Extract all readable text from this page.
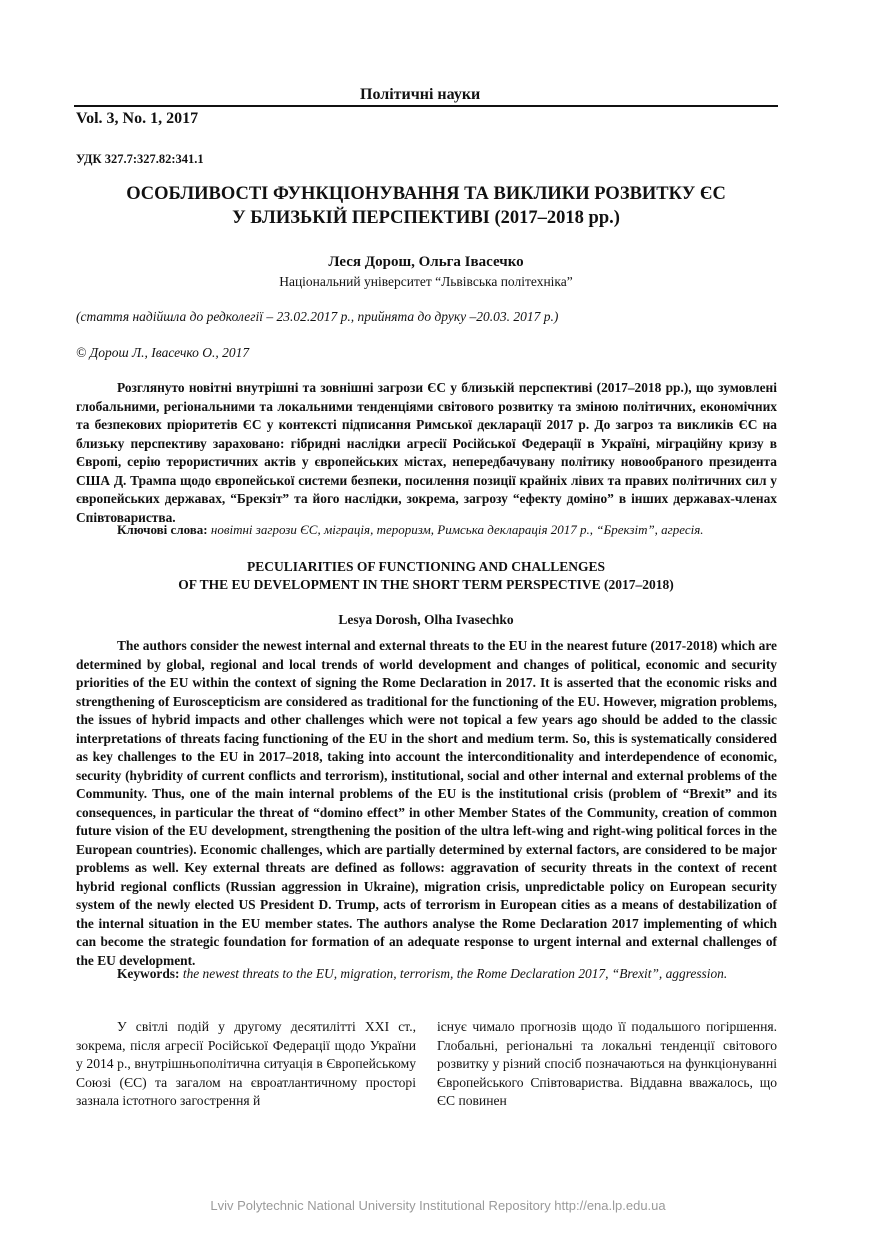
Політичні науки
Vol. 3, No. 1, 2017
УДК 327.7:327.82:341.1
ОСОБЛИВОСТІ ФУНКЦІОНУВАННЯ ТА ВИКЛИКИ РОЗВИТКУ ЄС
У БЛИЗЬКІЙ ПЕРСПЕКТИВІ (2017–2018 рр.)
Леся Дорош, Ольга Івасечко
Національний університет “Львівська політехніка”
(стаття надійшла до редколегії – 23.02.2017 р., прийнята до друку –20.03. 2017 р.)
© Дорош Л., Івасечко О., 2017

Розглянуто новітні внутрішні та зовнішні загрози ЄС у близькій перспективі (2017–2018 рр.), що зумовлені глобальними, регіональними та локальними тенденціями світового розвитку та зміною політичних, економічних та безпекових пріоритетів ЄС у контексті підписання Римської декларації 2017 р. До загроз та викликів ЄС на близьку перспективу зараховано: гібридні наслідки агресії Російської Федерації в Україні, міграційну кризу в Європі, серію терористичних актів у європейських містах, непередбачувану політику новообраного президента США Д. Трампа щодо європейської системи безпеки, посилення позиції крайніх лівих та правих політичних сил у європейських державах, “Брекзіт” та його наслідки, зокрема, загрозу “ефекту доміно” в інших державах-членах Співтовариства.

Ключові слова: новітні загрози ЄС, міграція, тероризм, Римська декларація 2017 р., “Брекзіт”, агресія.
PECULIARITIES OF FUNCTIONING AND CHALLENGES
OF THE EU DEVELOPMENT IN THE SHORT TERM PERSPECTIVE (2017–2018)
Lesya Dorosh, Olha Ivasechko

The authors consider the newest internal and external threats to the EU in the nearest future (2017-2018) which are determined by global, regional and local trends of world development and changes of political, economic and security priorities of the EU within the context of signing the Rome Declaration in 2017. It is asserted that the economic risks and strengthening of Euroscepticism are considered as traditional for the functioning of the EU. However, migration problems, the issues of hybrid impacts and other challenges which were not topical a few years ago should be added to the classic interpretations of threats facing functioning of the EU in the short and medium term. So, this is systematically considered as key challenges to the EU in 2017–2018, taking into account the interconditionality and interdependence of economic, security (hybridity of current conflicts and terrorism), institutional, social and other internal and external problems of the Community. Thus, one of the main internal problems of the EU is the institutional crisis (problem of “Brexit” and its consequences, in particular the threat of “domino effect” in other Member States of the Community, creation of common future vision of the EU development, strengthening the position of the ultra left-wing and right-wing political forces in the European countries). Economic challenges, which are partially determined by external factors, are considered to be major problems as well. Key external threats are defined as follows: aggravation of security threats in the context of recent hybrid regional conflicts (Russian aggression in Ukraine), migration crisis, unpredictable policy on European security system of the newly elected US President D. Trump, acts of terrorism in European cities as a means of destabilization of the internal situation in the EU member states. The authors analyse the Rome Declaration 2017 implementing of which can become the strategic foundation for formation of an adequate response to urgent internal and external challenges of the EU development.

Keywords: the newest threats to the EU, migration, terrorism, the Rome Declaration 2017, “Brexit”, aggression.

У світлі подій у другому десятилітті ХХІ ст., зокрема, після агресії Російської Федерації щодо України у 2014 р., внутрішньополітична ситуація в Європейському Союзі (ЄС) та загалом на євроатлантичному просторі зазнала істотного загострення й

існує чимало прогнозів щодо її подальшого погіршення. Глобальні, регіональні та локальні тенденції світового розвитку у різний спосіб позначаються на функціонуванні Європейського Співтовариства. Віддавна вважалось, що ЄС повинен

Lviv Polytechnic National University Institutional Repository http://ena.lp.edu.ua
